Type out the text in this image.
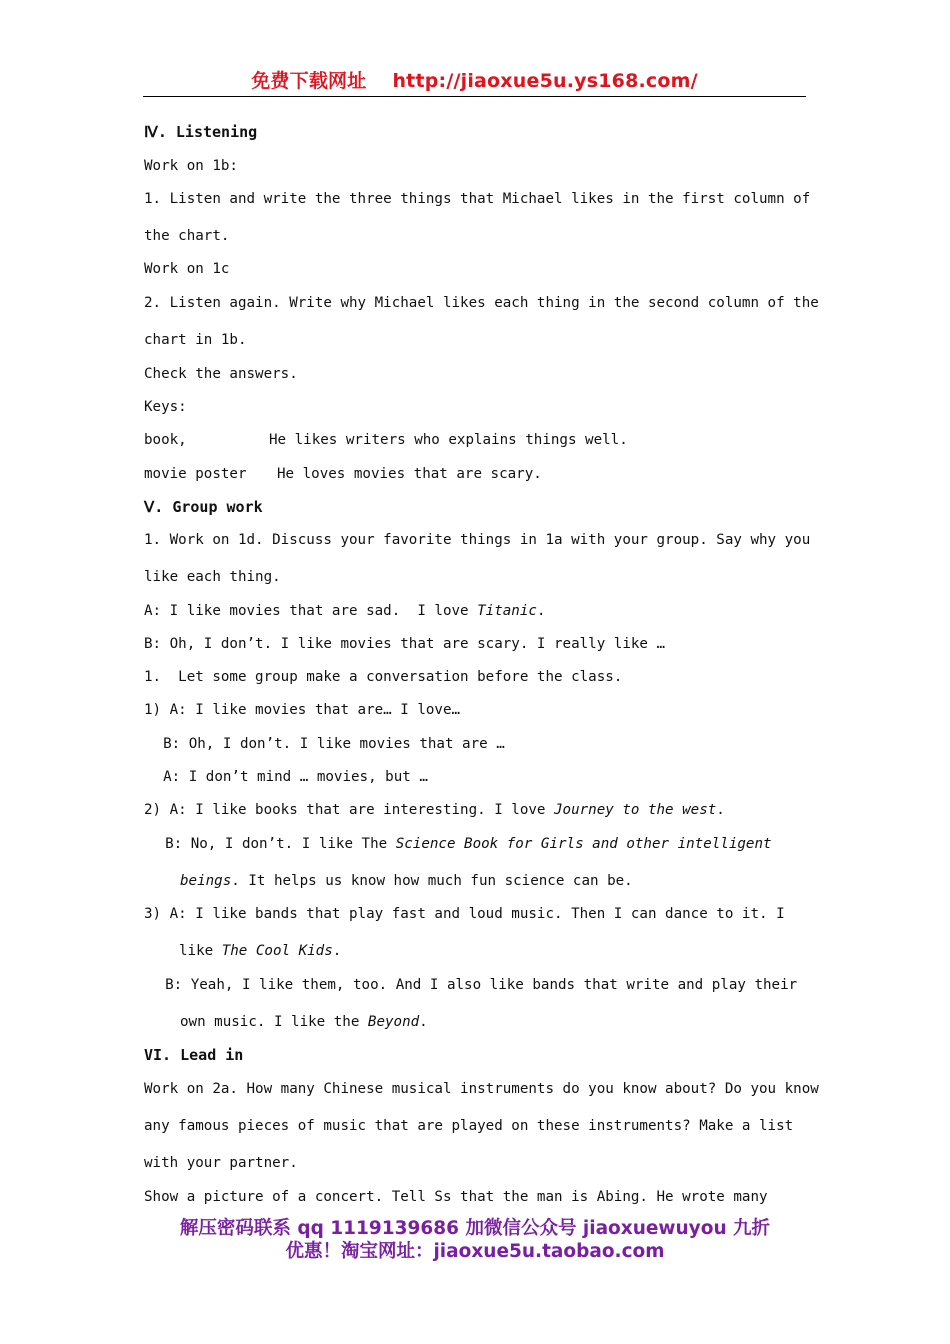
免费下载网址 http://jiaoxue5u.ys168.com/
Ⅳ. Listening
Work on 1b:
1. Listen and write the three things that Michael likes in the first column of
the chart.
Work on 1c
2. Listen again. Write why Michael likes each thing in the second column of the
chart in 1b.
Check the answers.
Keys:
book,	He likes writers who explains things well.
movie poster He loves movies that are scary.
Ⅴ. Group work
1. Work on 1d. Discuss your favorite things in 1a with your group. Say why you
like each thing.
A: I like movies that are sad.  I love Titanic.
B: Oh, I don’t. I like movies that are scary. I really like …
1.  Let some group make a conversation before the class.
1) A: I like movies that are… I love…
B: Oh, I don’t. I like movies that are …
A: I don’t mind … movies, but …
2) A: I like books that are interesting. I love Journey to the west.
B: No, I don’t. I like The Science Book for Girls and other intelligent
beings. It helps us know how much fun science can be.
3) A: I like bands that play fast and loud music. Then I can dance to it. I
like The Cool Kids.
B: Yeah, I like them, too. And I also like bands that write and play their
own music. I like the Beyond.
VI. Lead in
Work on 2a. How many Chinese musical instruments do you know about? Do you know
any famous pieces of music that are played on these instruments? Make a list
with your partner.
Show a picture of a concert. Tell Ss that the man is Abing. He wrote many
解压密码联系 qq 1119139686 加微信公众号 jiaoxuewuyou 九折
优惠！淘宝网址：jiaoxue5u.taobao.com
